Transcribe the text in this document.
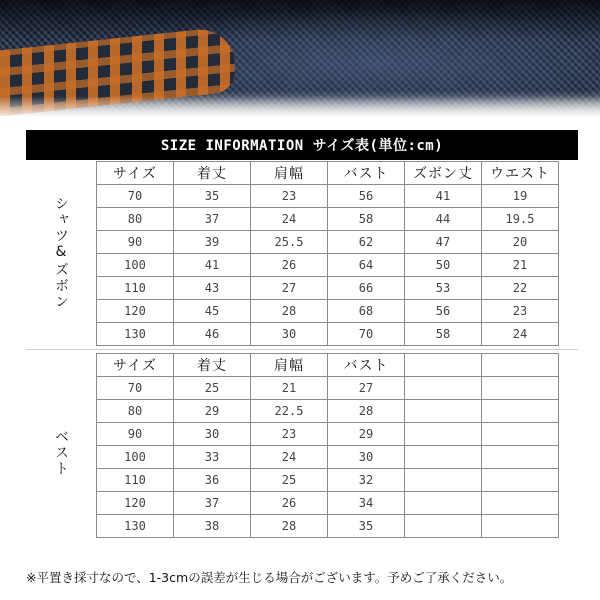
SIZE INFORMATION サイズ表(単位:cm)
シャツ&ズボン
サイズ	着丈	肩幅	バスト	ズボン丈	ウエスト
70	35	23	56	41	19
80	37	24	58	44	19.5
90	39	25.5	62	47	20
100	41	26	64	50	21
110	43	27	66	53	22
120	45	28	68	56	23
130	46	30	70	58	24
ベスト
サイズ	着丈	肩幅	バスト		
70	25	21	27		
80	29	22.5	28		
90	30	23	29		
100	33	24	30		
110	36	25	32		
120	37	26	34		
130	38	28	35		
※平置き採寸なので、1-3cmの誤差が生じる場合がございます。予めご了承ください。
